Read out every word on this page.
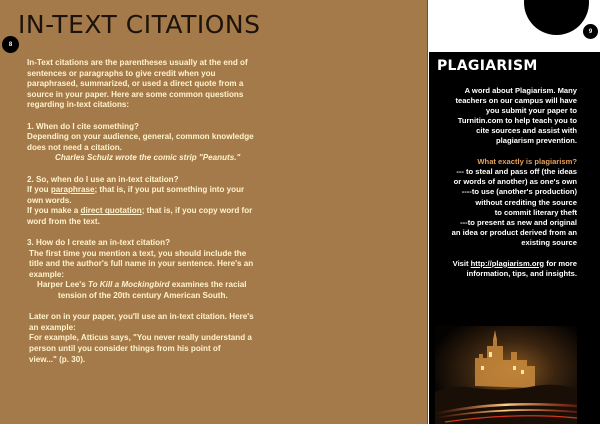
IN-TEXT CITATIONS
8

In-Text citations are the parentheses usually at the end of

sentences or paragraphs to give credit when you

paraphrased, summarized, or used a direct quote from a

source in your paper. Here are some common questions

regarding in-text citations:

1. When do I cite something?

Depending on your audience, general, common knowledge

does not need a citation.

Charles Schulz wrote the comic strip "Peanuts."

2. So, when do I use an in-text citation?

If you paraphrase; that is, if you put something into your

own words.

If you make a direct quotation; that is, if you copy word for

word from the text.

3. How do I create an in-text citation?

The first time you mention a text, you should include the

title and the author's full name in your sentence. Here's an

example:

Harper Lee's To Kill a Mockingbird examines the racial

tension of the 20th century American South.

Later on in your paper, you'll use an in-text citation. Here's

an example:

For example, Atticus says, "You never really understand a

person until you consider things from his point of

view..." (p. 30).

9
PLAGIARISM

A word about Plagiarism. Many

teachers on our campus will have

you submit your paper to

Turnitin.com to help teach you to

cite sources and assist with

plagiarism prevention.

What exactly is plagiarism?

--- to steal and pass off (the ideas

or words of another) as one's own

----to use (another's production)

without crediting the source

to commit literary theft

---to present as new and original

an idea or product derived from an

existing source

Visit http://plagiarism.org for more

information, tips, and insights.
